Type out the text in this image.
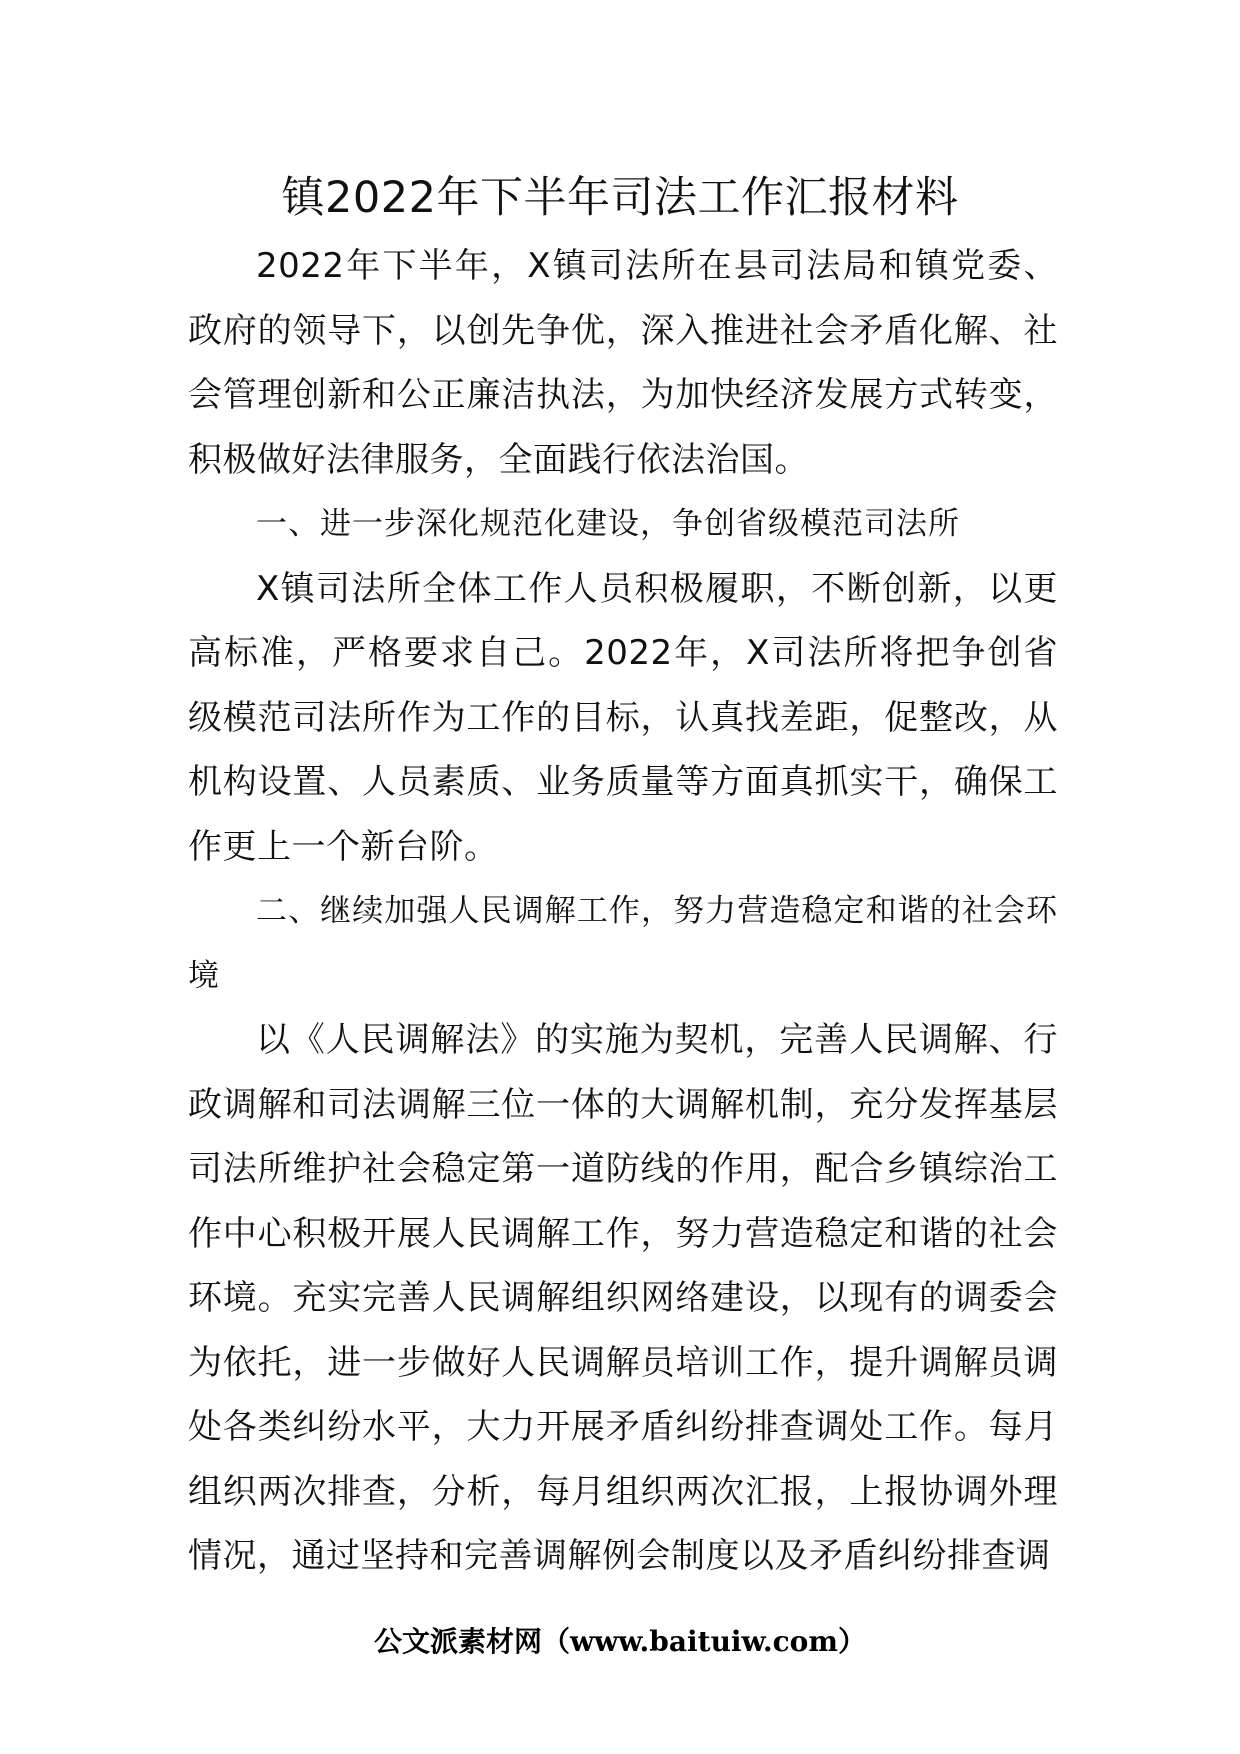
镇2022年下半年司法工作汇报材料

2022年下半年，X镇司法所在县司法局和镇党委、政府的领导下，以创先争优，深入推进社会矛盾化解、社会管理创新和公正廉洁执法，为加快经济发展方式转变，积极做好法律服务，全面践行依法治国。

一、进一步深化规范化建设，争创省级模范司法所

X镇司法所全体工作人员积极履职，不断创新，以更高标准，严格要求自己。2022年，X司法所将把争创省级模范司法所作为工作的目标，认真找差距，促整改，从机构设置、人员素质、业务质量等方面真抓实干，确保工作更上一个新台阶。

二、继续加强人民调解工作，努力营造稳定和谐的社会环境

以《人民调解法》的实施为契机，完善人民调解、行政调解和司法调解三位一体的大调解机制，充分发挥基层司法所维护社会稳定第一道防线的作用，配合乡镇综治工作中心积极开展人民调解工作，努力营造稳定和谐的社会环境。充实完善人民调解组织网络建设，以现有的调委会为依托，进一步做好人民调解员培训工作，提升调解员调处各类纠纷水平，大力开展矛盾纠纷排查调处工作。每月组织两次排查，分析，每月组织两次汇报，上报协调外理情况，通过坚持和完善调解例会制度以及矛盾纠纷排查调

公文派素材网（www.baituiw.com）
